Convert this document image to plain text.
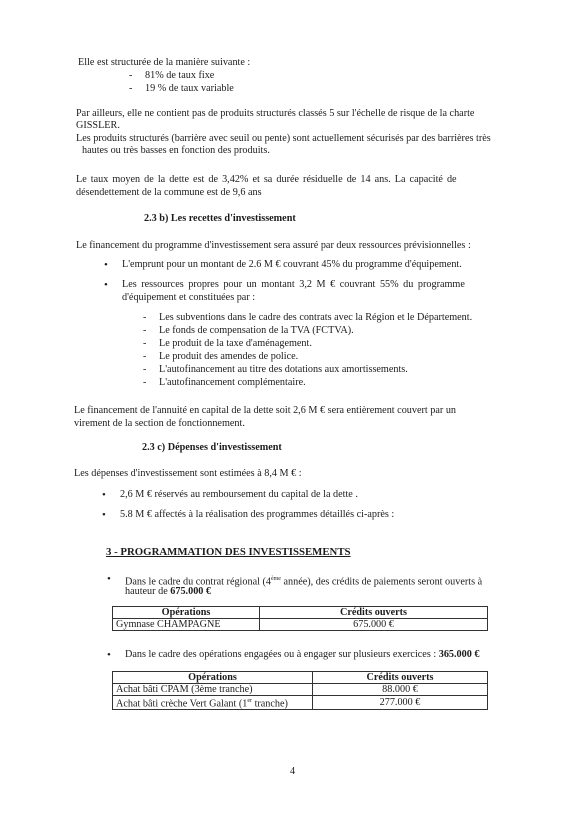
Elle est structurée de la manière suivante :
- 81% de taux fixe
- 19 % de taux variable
Par ailleurs, elle ne contient pas de produits structurés classés 5 sur l'échelle de risque de la charte
GISSLER.
Les produits structurés (barrière avec seuil ou pente) sont actuellement sécurisés par des barrières très
hautes ou très basses en fonction des produits.
Le taux moyen de la dette est de 3,42% et sa durée résiduelle de 14 ans. La capacité de
désendettement de la commune est de 9,6 ans
2.3 b) Les recettes d'investissement
Le financement du programme d'investissement sera assuré par deux ressources prévisionnelles :
• L'emprunt pour un montant de 2.6 M € couvrant 45% du programme d'équipement.
• Les ressources propres pour un montant 3,2 M € couvrant 55% du programme
d'équipement et constituées par :
- Les subventions dans le cadre des contrats avec la Région et le Département.
- Le fonds de compensation de la TVA (FCTVA).
- Le produit de la taxe d'aménagement.
- Le produit des amendes de police.
- L'autofinancement au titre des dotations aux amortissements.
- L'autofinancement complémentaire.
Le financement de l'annuité en capital de la dette soit 2,6 M € sera entièrement couvert par un
virement de la section de fonctionnement.
2.3 c) Dépenses d'investissement
Les dépenses d'investissement sont estimées à 8,4 M € :
• 2,6 M € réservés au remboursement du capital de la dette .
• 5.8 M € affectés à la réalisation des programmes détaillés ci-après :
3 - PROGRAMMATION DES INVESTISSEMENTS
• Dans le cadre du contrat régional (4ème année), des crédits de paiements seront ouverts à
hauteur de 675.000 €
Opérations	Crédits ouverts
Gymnase CHAMPAGNE	675.000 €
• Dans le cadre des opérations engagées ou à engager sur plusieurs exercices : 365.000 €
Opérations	Crédits ouverts
Achat bâti CPAM (3ème tranche)	88.000 €
Achat bâti crèche Vert Galant (1er tranche)	277.000 €
4
